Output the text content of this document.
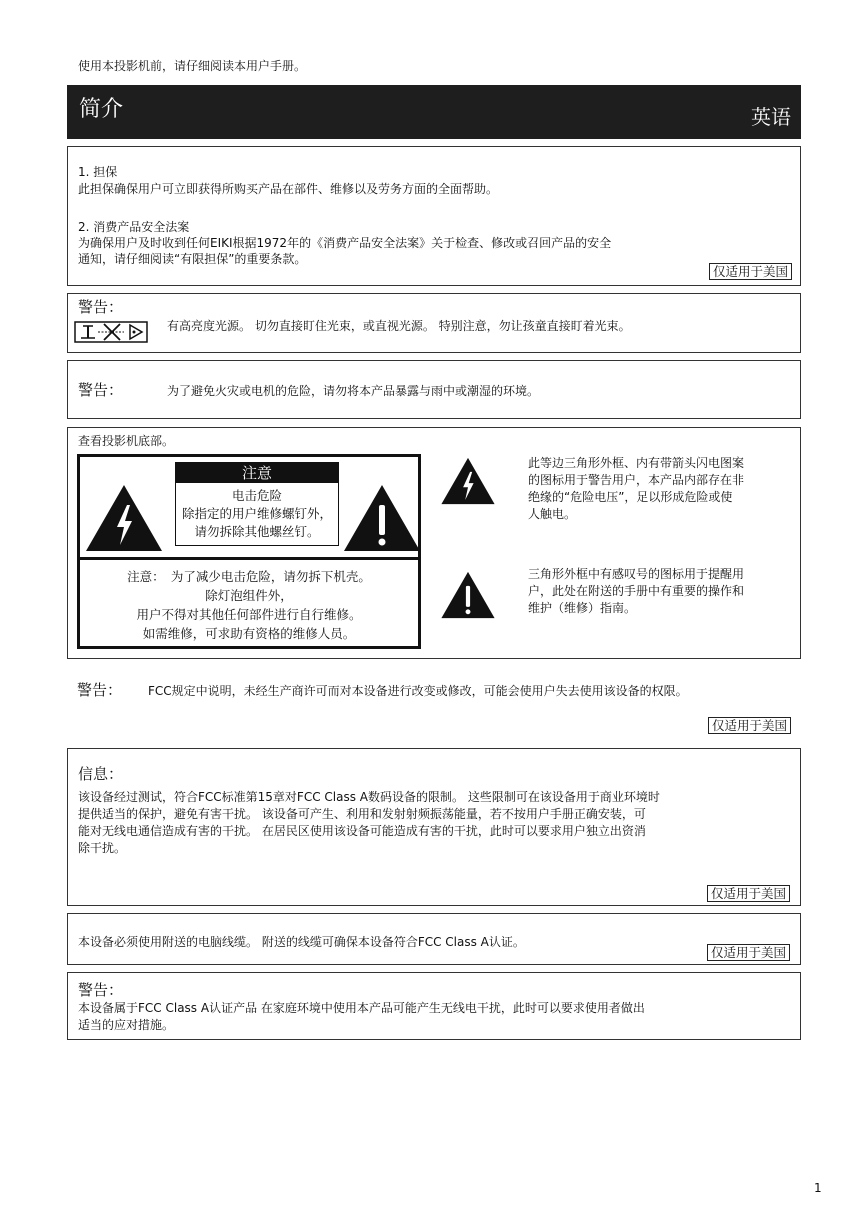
使用本投影机前，请仔细阅读本用户手册。
简介	英语
1. 担保
此担保确保用户可立即获得所购买产品在部件、维修以及劳务方面的全面帮助。
2. 消费产品安全法案
为确保用户及时收到任何EIKI根据1972年的《消费产品安全法案》关于检查、修改或召回产品的安全
通知，请仔细阅读“有限担保”的重要条款。
仅适用于美国
警告：
有高亮度光源。 切勿直接盯住光束，或直视光源。 特别注意，勿让孩童直接盯着光束。
警告：	为了避免火灾或电机的危险，请勿将本产品暴露与雨中或潮湿的环境。
查看投影机底部。
注意
电击危险
除指定的用户维修螺钉外，
请勿拆除其他螺丝钉。
注意：　为了减少电击危险，请勿拆下机壳。
除灯泡组件外，
用户不得对其他任何部件进行自行维修。
如需维修，可求助有资格的维修人员。
此等边三角形外框、内有带箭头闪电图案
的图标用于警告用户，本产品内部存在非
绝缘的“危险电压”，足以形成危险或使
人触电。
三角形外框中有感叹号的图标用于提醒用
户，此处在附送的手册中有重要的操作和
维护（维修）指南。
警告： FCC规定中说明，未经生产商许可而对本设备进行改变或修改，可能会使用户失去使用该设备的权限。
仅适用于美国
信息：
该设备经过测试，符合FCC标准第15章对FCC Class A数码设备的限制。 这些限制可在该设备用于商业环境时
提供适当的保护，避免有害干扰。 该设备可产生、利用和发射射频振荡能量，若不按用户手册正确安装，可
能对无线电通信造成有害的干扰。 在居民区使用该设备可能造成有害的干扰，此时可以要求用户独立出资消
除干扰。
仅适用于美国
本设备必须使用附送的电脑线缆。 附送的线缆可确保本设备符合FCC Class A认证。
仅适用于美国
警告：
本设备属于FCC Class A认证产品 在家庭环境中使用本产品可能产生无线电干扰，此时可以要求使用者做出
适当的应对措施。
1
